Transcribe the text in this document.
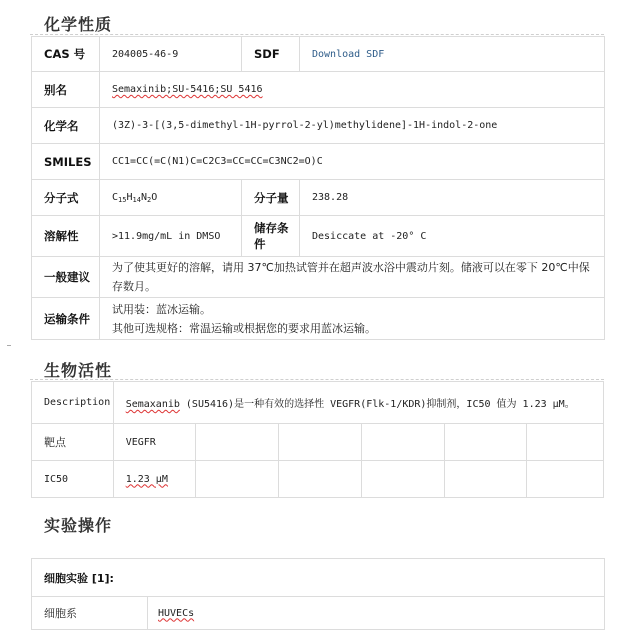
化学性质
CAS 号	204005-46-9	SDF	Download SDF
别名	Semaxinib;SU-5416;SU 5416		
化学名	(3Z)-3-[(3,5-dimethyl-1H-pyrrol-2-yl)methylidene]-1H-indol-2-one		
SMILES	CC1=CC(=C(N1)C=C2C3=CC=CC=C3NC2=O)C		
分子式	$C_{15}H_{14}N_2O$	分子量	238.28
溶解性	>11.9mg/mL in DMSO	储存条件	Desiccate at -20° C
一般建议	为了使其更好的溶解，请用 37℃加热试管并在超声波水浴中震动片刻。储液可以在零下 20℃中保存数月。		
运输条件	试用装：蓝冰运输。
其他可选规格：常温运输或根据您的要求用蓝冰运输。		
生物活性
Description	Semaxanib (SU5416)是一种有效的选择性 VEGFR(Flk-1/KDR)抑制剂，IC50 值为 1.23 μM。					
靶点	VEGFR					
IC50	1.23 μM					
实验操作
细胞实验 [1]:
细胞系	HUVECs
